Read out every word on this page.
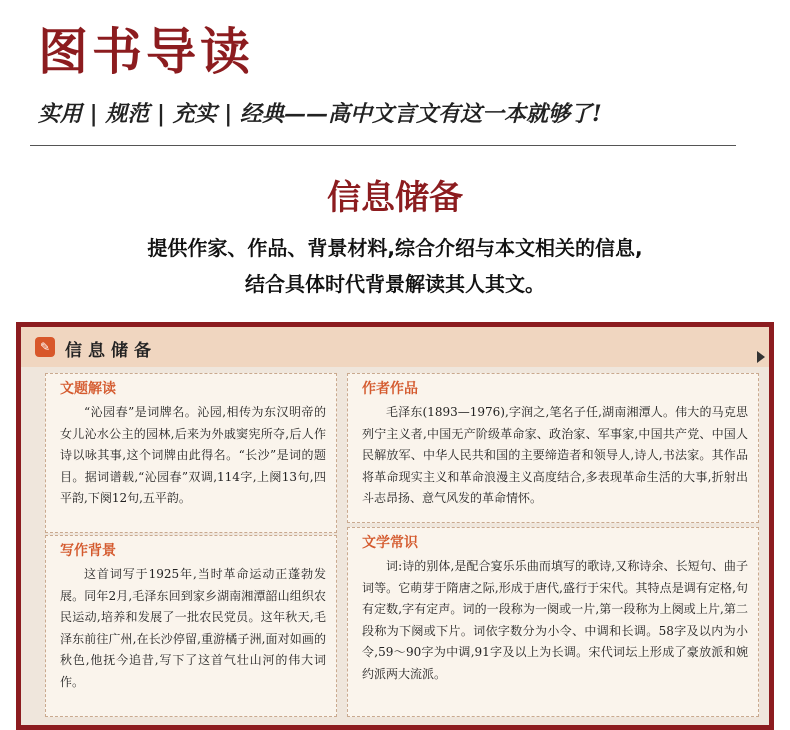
图书导读
实用 | 规范 | 充实 | 经典——高中文言文有这一本就够了!
信息储备
提供作家、作品、背景材料,综合介绍与本文相关的信息,
结合具体时代背景解读其人其文。
✎ 信息储备
文题解读
“沁园春”是词牌名。沁园,相传为东汉明帝的女儿沁水公主的园林,后来为外戚窦宪所夺,后人作诗以咏其事,这个词牌由此得名。“长沙”是词的题目。据词谱载,“沁园春”双调,114字,上阕13句,四平韵,下阕12句,五平韵。
写作背景
这首词写于1925年,当时革命运动正蓬勃发展。同年2月,毛泽东回到家乡湖南湘潭韶山组织农民运动,培养和发展了一批农民党员。这年秋天,毛泽东前往广州,在长沙停留,重游橘子洲,面对如画的秋色,他抚今追昔,写下了这首气壮山河的伟大词作。
作者作品
毛泽东(1893—1976),字润之,笔名子任,湖南湘潭人。伟大的马克思列宁主义者,中国无产阶级革命家、政治家、军事家,中国共产党、中国人民解放军、中华人民共和国的主要缔造者和领导人,诗人,书法家。其作品将革命现实主义和革命浪漫主义高度结合,多表现革命生活的大事,折射出斗志昂扬、意气风发的革命情怀。
文学常识
词:诗的别体,是配合宴乐乐曲而填写的歌诗,又称诗余、长短句、曲子词等。它萌芽于隋唐之际,形成于唐代,盛行于宋代。其特点是调有定格,句有定数,字有定声。词的一段称为一阕或一片,第一段称为上阕或上片,第二段称为下阕或下片。词依字数分为小令、中调和长调。58字及以内为小令,59～90字为中调,91字及以上为长调。宋代词坛上形成了豪放派和婉约派两大流派。
